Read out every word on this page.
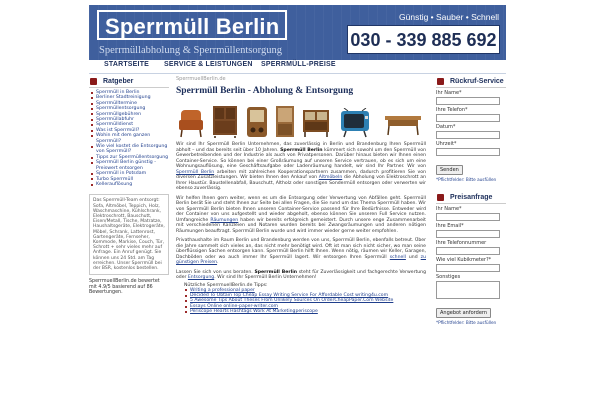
Sperrmüll Berlin
Sperrmüllabholung & Sperrmüllentsorgung
Günstig • Sauber • Schnell
030 - 339 885 692
STARTSEITE SERVICE & LEISTUNGEN SPERRMÜLL-PREISE
Ratgeber
Sperrmüll in Berlin
Berliner Stadtreinigung
Sperrmülltermine
Sperrmüllentsorgung
Sperrmüllgebühren
Sperrmüllabfuhr
Sperrmülldienst
Was ist Sperrmüll?
Wohin mit dem ganzen Sperrmüll?
Wie viel kostet die Entsorgung von Sperrmüll?
Tipps zur Sperrmüllentsorgung
Sperrmüll Berlin günstig - Preiswert entsorgen
Sperrmüll in Potsdam
Turbo Sperrmüll
Kellerauflösung
Das Sperrmüll-Team entsorgt: Sofa, Altmöbel, Teppich, Holz, Waschmaschine, Kühlschrank, Elektroschrott, Bauschutt, Eisen/Metall, Tische, Matratze, Haushaltsgeräte, Elektrogeräte, Möbel, Schrank, Lattenrost, Gartengeräte, Fernseher, Kommode, Markise, Couch, Tür, Schrott + sehr vieles mehr auf Anfrage. Ein Anruf genügt. Sie können uns 24 Std. am Tag erreichen. Unser Sperrmüll bei der BSR, kostenlos bestellen.
SperrmuellBerlin.de bewertet mit 4.9/5 basierend auf 86 Bewertungen.
SperrmuellBerlin.de
Sperrmüll Berlin - Abholung & Entsorgung
Wir sind Ihr Sperrmüll Berlin Unternehmen, das zuverlässig in Berlin und Brandenburg Ihren Sperrmüll abholt – und das bereits seit über 10 Jahren. Sperrmüll Berlin kümmert sich sowohl um den Sperrmüll von Gewerbetreibenden und der Industrie als auch von Privatpersonen. Darüber hinaus bieten wir Ihnen einen Container-Service. So können bei einer Großräumung auf unseren Service vertrauen, ob es sich um eine Wohnungsauflösung, eine Geschäftsaufgabe oder Ladenräumung handelt, wir sind Ihr Partner. Wir von Sperrmüll Berlin arbeiten mit zahlreichen Kooperationspartnern zusammen, dadurch profitieren Sie von diversen Zusatzleistungen. Wir bieten Ihnen den Ankauf von Altmöbeln die Abholung von Elektroschrott an Ihrer Haustür. Baustellenabfall, Bauschutt, Altholz oder sonstigen Sondermüll entsorgen oder verwerten wir ebenso zuverlässig.
Wir helfen Ihnen gern weiter, wenn es um die Entsorgung oder Verwertung von Abfällen geht. Sperrmüll Berlin berät Sie und steht Ihnen zur Seite bei allen Fragen, die Sie rund um das Thema Sperrmüll haben. Wir von Sperrmüll Berlin bieten Ihnen unseren Container-Service passend für Ihre Bedürfnisse. Entweder wird der Container von uns aufgestellt und wieder abgeholt, ebenso können Sie unseren Full Service nutzen. Umfangreiche Räumungen haben wir bereits erfolgreich gemeistert. Durch unsere enge Zusammenarbeit mit verschiedenen Kanzleien und Notaren wurden bereits bei Zwangsräumungen und anderen nötigen Räumungen beauftragt. Sperrmüll Berlin wurde und wird immer wieder gerne weiter empfohlen.
Privathaushalte im Raum Berlin und Brandenburg werden von uns, Sperrmüll Berlin, ebenfalls betreut. Über die Jahre sammelt sich vieles an, das nicht mehr benötigt wird. Oft ist man sich nicht sicher, wo man seine überflüssigen Sachen entsorgen kann. Sperrmüll Berlin hilft Ihnen. Wenn nötig, räumen wir Keller, Garagen, Dachböden oder wo auch immer Ihr Sperrmüll lagert. Wir entsorgen Ihren Sperrmüll schnell und zu günstigen Preisen.
Lassen Sie sich von uns beraten. Sperrmüll Berlin steht für Zuverlässigkeit und fachgerechte Verwertung oder Entsorgung. Wir sind Ihr Sperrmüll Berlin Unternehmen!
Nützliche SperrmuellBerlin.de Tipps:
Writing a professional paper
Decided To Obtain Top Cheap Essay Writing Service For Affordable Cost writing4u.com
5 Awesome Tips About Theses From Unlikely Sources On OrderCheapPaper.Com Website
Essays Online online-paper-writer.com
Periscope Hearts Hashtags Work At Marketingperiscope
Rückruf-Service
Ihr Name*
Ihre Telefon*
Datum*
Uhrzeit*
Senden
*Pflichtfelder: Bitte ausfüllen
Preisanfrage
Ihr Name*
Ihre Email*
Ihre Telefonnummer
Wie viel Kubikmeter?*
Sonstiges
Angebot anfordern
*Pflichtfelder: Bitte ausfüllen
